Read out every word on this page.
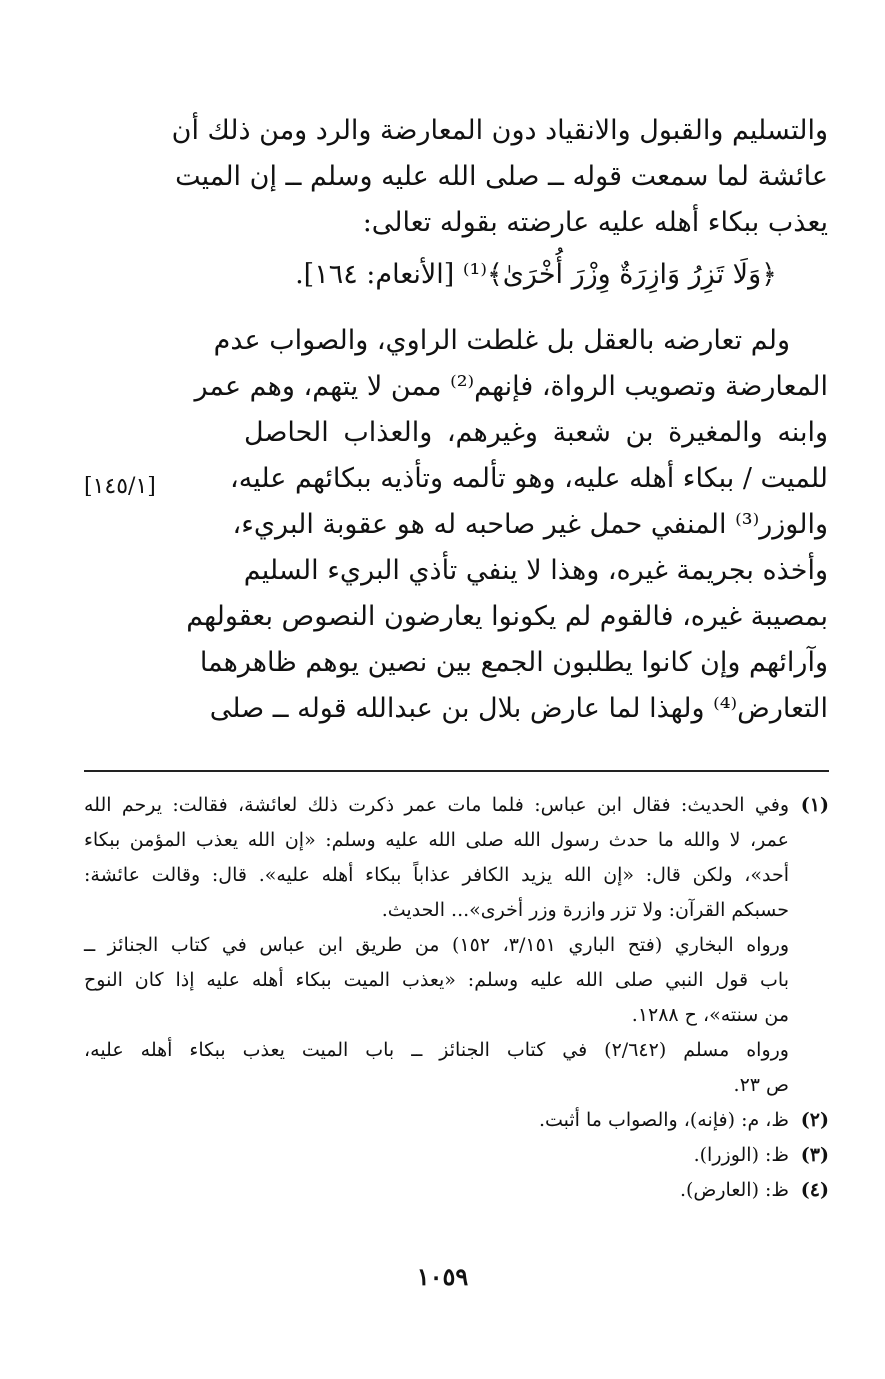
والتسليم والقبول والانقياد دون المعارضة والرد ومن ذلك أن
عائشة لما سمعت قوله ــ صلى الله عليه وسلم ــ إن الميت
يعذب ببكاء أهله عليه عارضته بقوله تعالى:
﴿وَلَا تَزِرُ وَازِرَةٌ وِزْرَ أُخْرَىٰ﴾⁽¹⁾ [الأنعام: ١٦٤].
ولم تعارضه بالعقل بل غلطت الراوي، والصواب عدم
المعارضة وتصويب الرواة، فإنهم⁽²⁾ ممن لا يتهم، وهم عمر
وابنه والمغيرة بن شعبة وغيرهم، والعذاب الحاصل
للميت / ببكاء أهله عليه، وهو تألمه وتأذيه ببكائهم عليه،
والوزر⁽³⁾ المنفي حمل غير صاحبه له هو عقوبة البريء،
وأخذه بجريمة غيره، وهذا لا ينفي تأذي البريء السليم
بمصيبة غيره، فالقوم لم يكونوا يعارضون النصوص بعقولهم
وآرائهم وإن كانوا يطلبون الجمع بين نصين يوهم ظاهرهما
التعارض⁽⁴⁾ ولهذا لما عارض بلال بن عبدالله قوله ــ صلى
[١٤٥/١]
(١)
وفي الحديث: فقال ابن عباس: فلما مات عمر ذكرت ذلك لعائشة، فقالت: يرحم الله
عمر، لا والله ما حدث رسول الله صلى الله عليه وسلم: «إن الله يعذب المؤمن ببكاء
أحد»، ولكن قال: «إن الله يزيد الكافر عذاباً ببكاء أهله عليه». قال: وقالت عائشة:
حسبكم القرآن: ولا تزر وازرة وزر أخرى»... الحديث.
ورواه البخاري (فتح الباري ٣/١٥١، ١٥٢) من طريق ابن عباس في كتاب الجنائز ــ
باب قول النبي صلى الله عليه وسلم: «يعذب الميت ببكاء أهله عليه إذا كان النوح
من سنته»، ح ١٢٨٨.
ورواه مسلم (٢/٦٤٢) في كتاب الجنائز ــ باب الميت يعذب ببكاء أهله عليه،
ص ٢٣.
(٢)
ظ، م: (فإنه)، والصواب ما أثبت.
(٣)
ظ: (الوزرا).
(٤)
ظ: (العارض).
١٠٥٩
